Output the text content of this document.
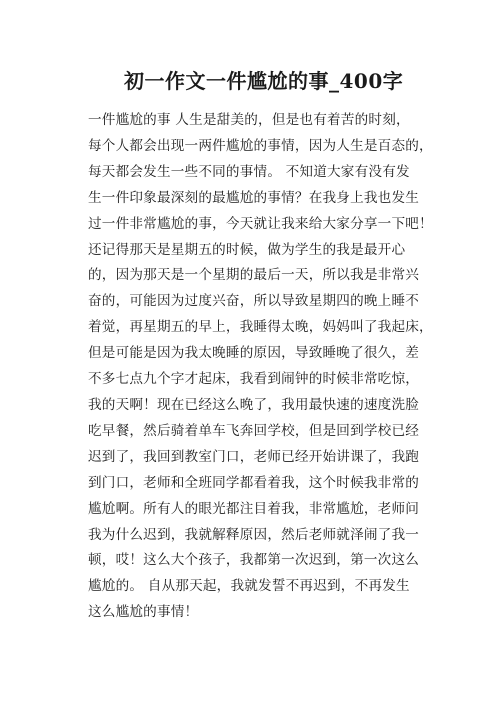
初一作文一件尴尬的事_400字
一件尴尬的事 人生是甜美的，但是也有着苦的时刻，
每个人都会出现一两件尴尬的事情，因为人生是百态的，
每天都会发生一些不同的事情。 不知道大家有没有发
生一件印象最深刻的最尴尬的事情？在我身上我也发生
过一件非常尴尬的事，今天就让我来给大家分享一下吧！
还记得那天是星期五的时候，做为学生的我是最开心
的，因为那天是一个星期的最后一天，所以我是非常兴
奋的，可能因为过度兴奋，所以导致星期四的晚上睡不
着觉，再星期五的早上，我睡得太晚，妈妈叫了我起床，
但是可能是因为我太晚睡的原因，导致睡晚了很久，差
不多七点九个字才起床，我看到闹钟的时候非常吃惊，
我的天啊！现在已经这么晚了，我用最快速的速度洗脸
吃早餐，然后骑着单车飞奔回学校，但是回到学校已经
迟到了，我回到教室门口，老师已经开始讲课了，我跑
到门口，老师和全班同学都看着我，这个时候我非常的
尴尬啊。所有人的眼光都注目着我，非常尴尬，老师问
我为什么迟到，我就解释原因，然后老师就泽闹了我一
顿，哎！这么大个孩子，我都第一次迟到，第一次这么
尴尬的。 自从那天起，我就发誓不再迟到，不再发生
这么尴尬的事情！
